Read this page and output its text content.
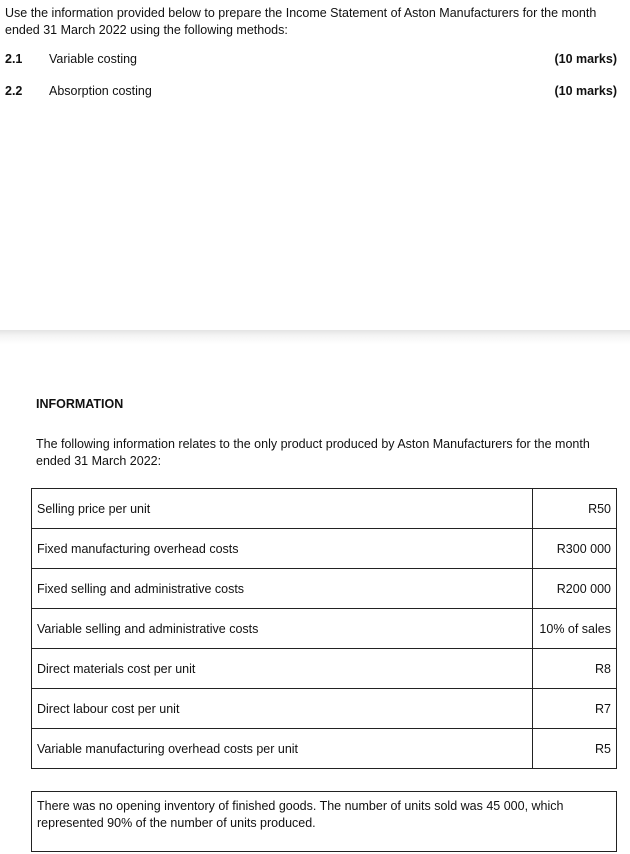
Use the information provided below to prepare the Income Statement of Aston Manufacturers for the month ended 31 March 2022 using the following methods:
2.1 Variable costing	(10 marks)
2.2 Absorption costing	(10 marks)
INFORMATION
The following information relates to the only product produced by Aston Manufacturers for the month ended 31 March 2022:
Selling price per unit	R50
Fixed manufacturing overhead costs	R300 000
Fixed selling and administrative costs	R200 000
Variable selling and administrative costs	10% of sales
Direct materials cost per unit	R8
Direct labour cost per unit	R7
Variable manufacturing overhead costs per unit	R5
There was no opening inventory of finished goods. The number of units sold was 45 000, which represented 90% of the number of units produced.
